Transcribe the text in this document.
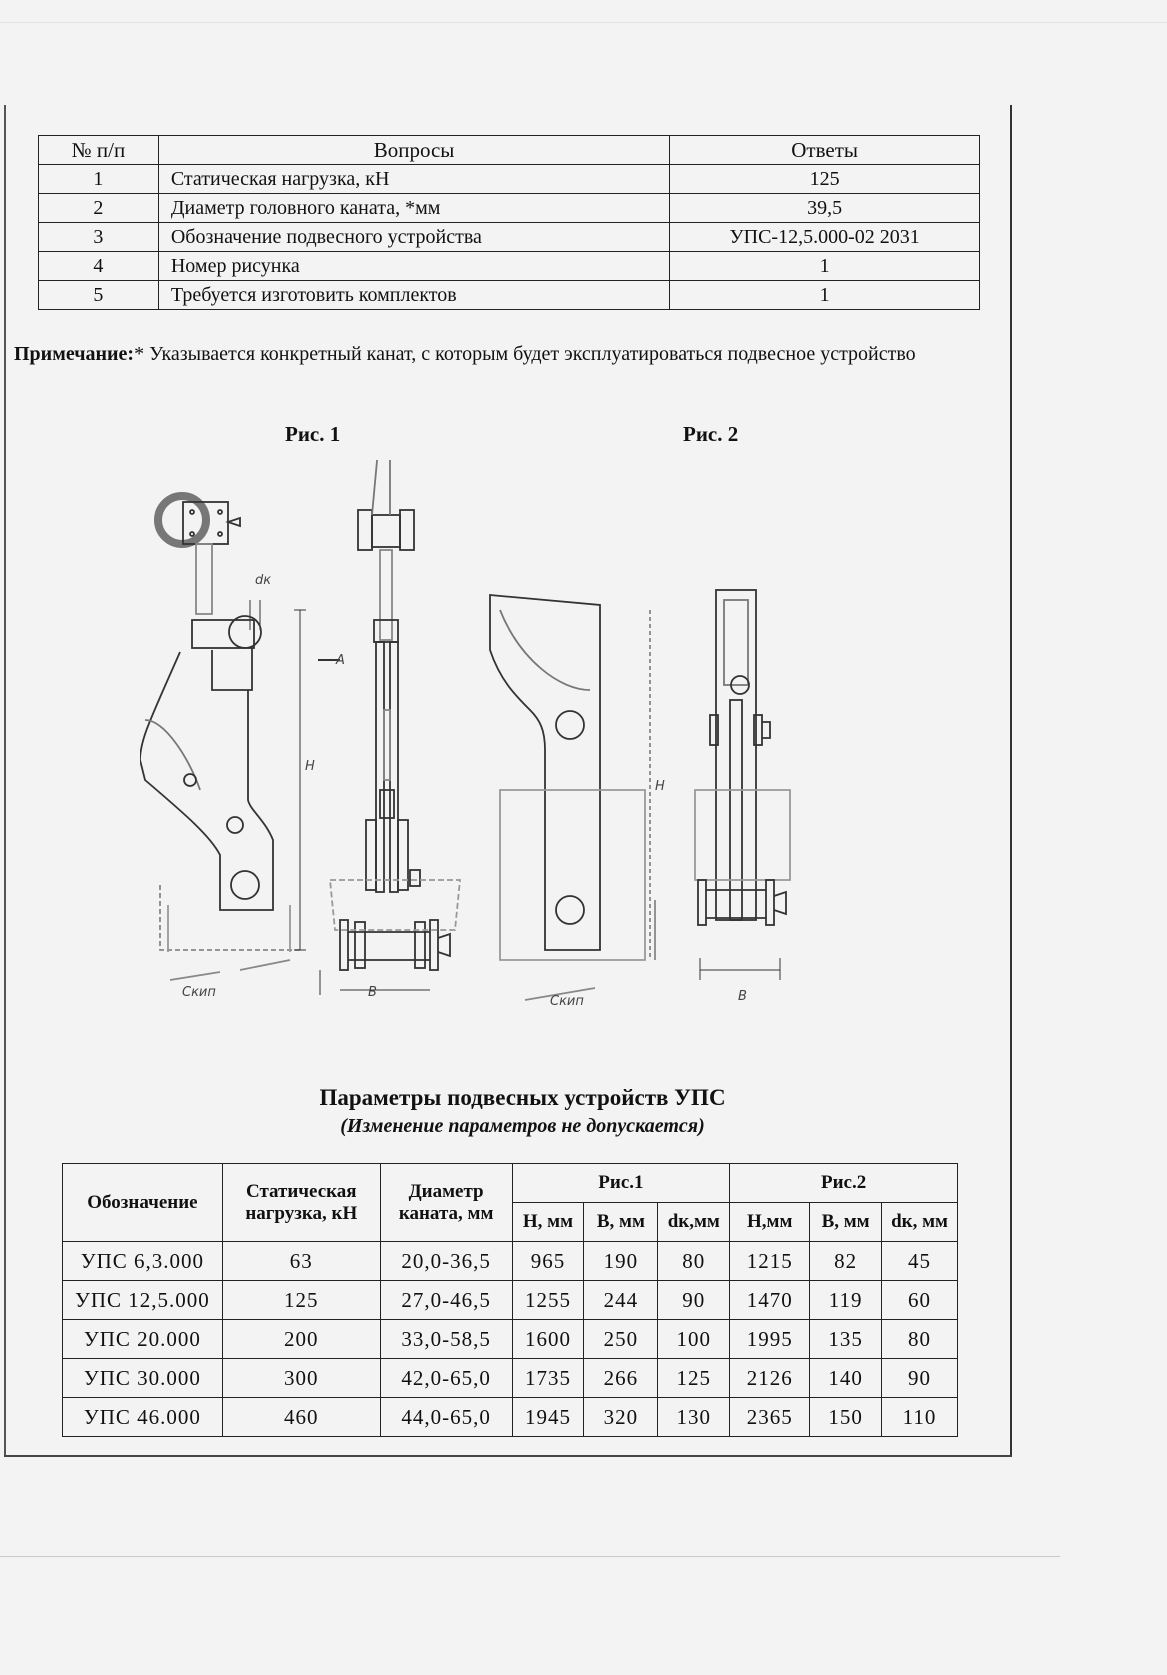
№ п/п	Вопросы	Ответы
1	Статическая нагрузка, кН	125
2	Диаметр головного каната, *мм	39,5
3	Обозначение подвесного устройства	УПС-12,5.000-02 2031
4	Номер рисунка	1
5	Требуется изготовить комплектов	1
Примечание:* Указывается конкретный канат, с которым будет эксплуатироваться подвесное устройство
Рис. 1	Рис. 2
А
Н
В
dк
Скип
Н
В
Скип
Параметры подвесных устройств УПС
(Изменение параметров не допускается)
Обозначение	Статическая нагрузка, кН	Диаметр каната, мм	Рис.1			Рис.2		
			Н, мм	В, мм	dк,мм	Н,мм	В, мм	dк, мм
УПС 6,3.000	63	20,0-36,5	965	190	80	1215	82	45
УПС 12,5.000	125	27,0-46,5	1255	244	90	1470	119	60
УПС 20.000	200	33,0-58,5	1600	250	100	1995	135	80
УПС 30.000	300	42,0-65,0	1735	266	125	2126	140	90
УПС 46.000	460	44,0-65,0	1945	320	130	2365	150	110
